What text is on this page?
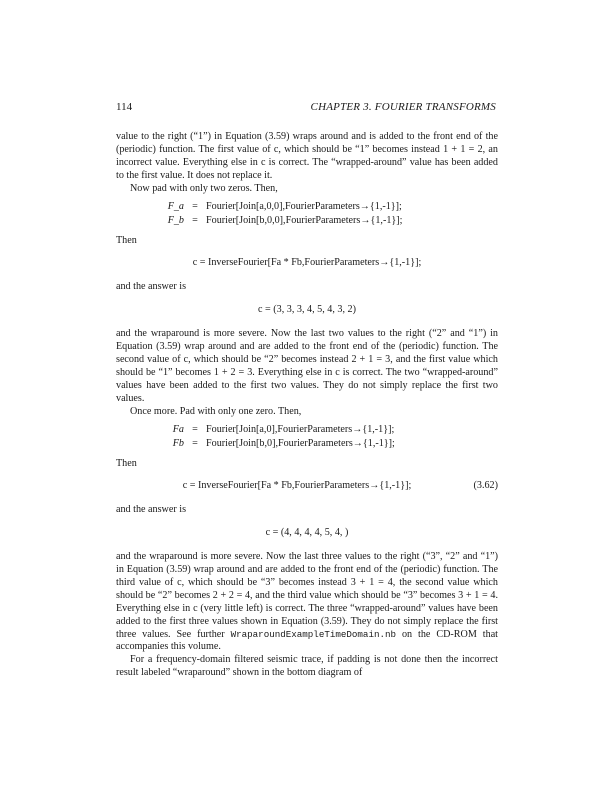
114	CHAPTER 3. FOURIER TRANSFORMS

value to the right (“1”) in Equation (3.59) wraps around and is added to the front end of the (periodic) function. The first value of c, which should be “1” becomes instead 1 + 1 = 2, an incorrect value. Everything else in c is correct. The “wrapped-around” value has been added to the first value. It does not replace it.

Now pad with only two zeros. Then,

F_a = Fourier[Join[a,0,0],FourierParameters→{1,-1}];
F_b = Fourier[Join[b,0,0],FourierParameters→{1,-1}];

Then

c = InverseFourier[Fa * Fb,FourierParameters→{1,-1}];

and the answer is

c = (3, 3, 3, 4, 5, 4, 3, 2)

and the wraparound is more severe. Now the last two values to the right (“2” and “1”) in Equation (3.59) wrap around and are added to the front end of the (periodic) function. The second value of c, which should be “2” becomes instead 2 + 1 = 3, and the first value which should be “1” becomes 1 + 2 = 3. Everything else in c is correct. The two “wrapped-around” values have been added to the first two values. They do not simply replace the first two values.

Once more. Pad with only one zero. Then,

Fa = Fourier[Join[a,0],FourierParameters→{1,-1}];
Fb = Fourier[Join[b,0],FourierParameters→{1,-1}];

Then

c = InverseFourier[Fa * Fb,FourierParameters→{1,-1}];	(3.62)

and the answer is

c = (4, 4, 4, 4, 5, 4, )

and the wraparound is more severe. Now the last three values to the right (“3”, “2” and “1”) in Equation (3.59) wrap around and are added to the front end of the (periodic) function. The third value of c, which should be “3” becomes instead 3 + 1 = 4, the second value which should be “2” becomes 2 + 2 = 4, and the third value which should be “3” becomes 3 + 1 = 4. Everything else in c (very little left) is correct. The three “wrapped-around” values have been added to the first three values shown in Equation (3.59). They do not simply replace the first three values. See further WraparoundExampleTimeDomain.nb on the CD-ROM that accompanies this volume.

For a frequency-domain filtered seismic trace, if padding is not done then the incorrect result labeled “wraparound” shown in the bottom diagram of
